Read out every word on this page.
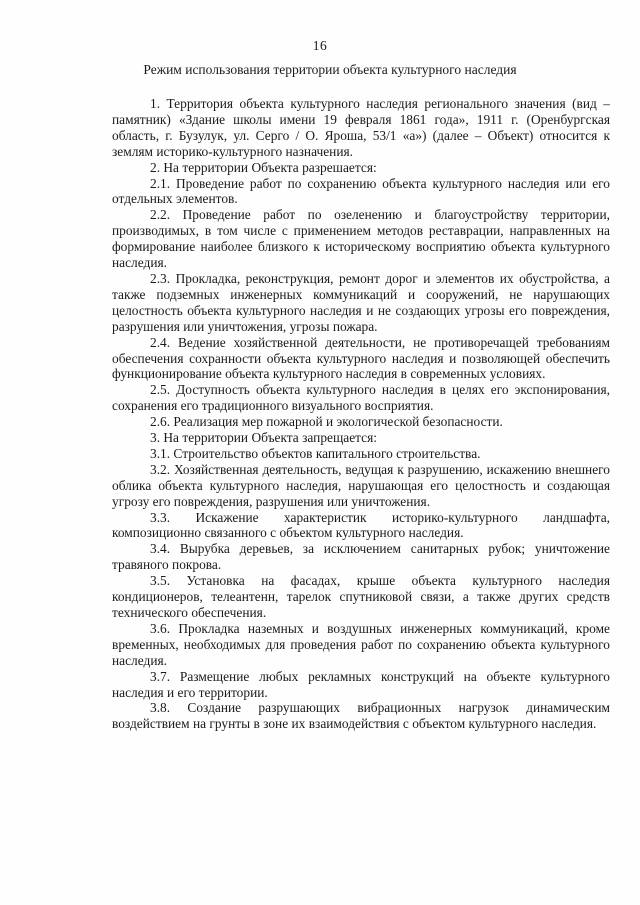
16
Режим использования территории объекта культурного наследия

1. Территория объекта культурного наследия регионального значения (вид – памятник) «Здание школы имени 19 февраля 1861 года», 1911 г. (Оренбургская область, г. Бузулук, ул. Серго / О. Яроша, 53/1 «а») (далее – Объект) относится к землям историко-культурного назначения.

2. На территории Объекта разрешается:

2.1. Проведение работ по сохранению объекта культурного наследия или его отдельных элементов.

2.2. Проведение работ по озеленению и благоустройству территории, производимых, в том числе с применением методов реставрации, направленных на формирование наиболее близкого к историческому восприятию объекта культурного наследия.

2.3. Прокладка, реконструкция, ремонт дорог и элементов их обустройства, а также подземных инженерных коммуникаций и сооружений, не нарушающих целостность объекта культурного наследия и не создающих угрозы его повреждения, разрушения или уничтожения, угрозы пожара.

2.4. Ведение хозяйственной деятельности, не противоречащей требованиям обеспечения сохранности объекта культурного наследия и позволяющей обеспечить функционирование объекта культурного наследия в современных условиях.

2.5. Доступность объекта культурного наследия в целях его экспонирования, сохранения его традиционного визуального восприятия.

2.6. Реализация мер пожарной и экологической безопасности.

3. На территории Объекта запрещается:

3.1. Строительство объектов капитального строительства.

3.2. Хозяйственная деятельность, ведущая к разрушению, искажению внешнего облика объекта культурного наследия, нарушающая его целостность и создающая угрозу его повреждения, разрушения или уничтожения.

3.3. Искажение характеристик историко-культурного ландшафта, композиционно связанного с объектом культурного наследия.

3.4. Вырубка деревьев, за исключением санитарных рубок; уничтожение травяного покрова.

3.5. Установка на фасадах, крыше объекта культурного наследия кондиционеров, телеантенн, тарелок спутниковой связи, а также других средств технического обеспечения.

3.6. Прокладка наземных и воздушных инженерных коммуникаций, кроме временных, необходимых для проведения работ по сохранению объекта культурного наследия.

3.7. Размещение любых рекламных конструкций на объекте культурного наследия и его территории.

3.8. Создание разрушающих вибрационных нагрузок динамическим воздействием на грунты в зоне их взаимодействия с объектом культурного наследия.
